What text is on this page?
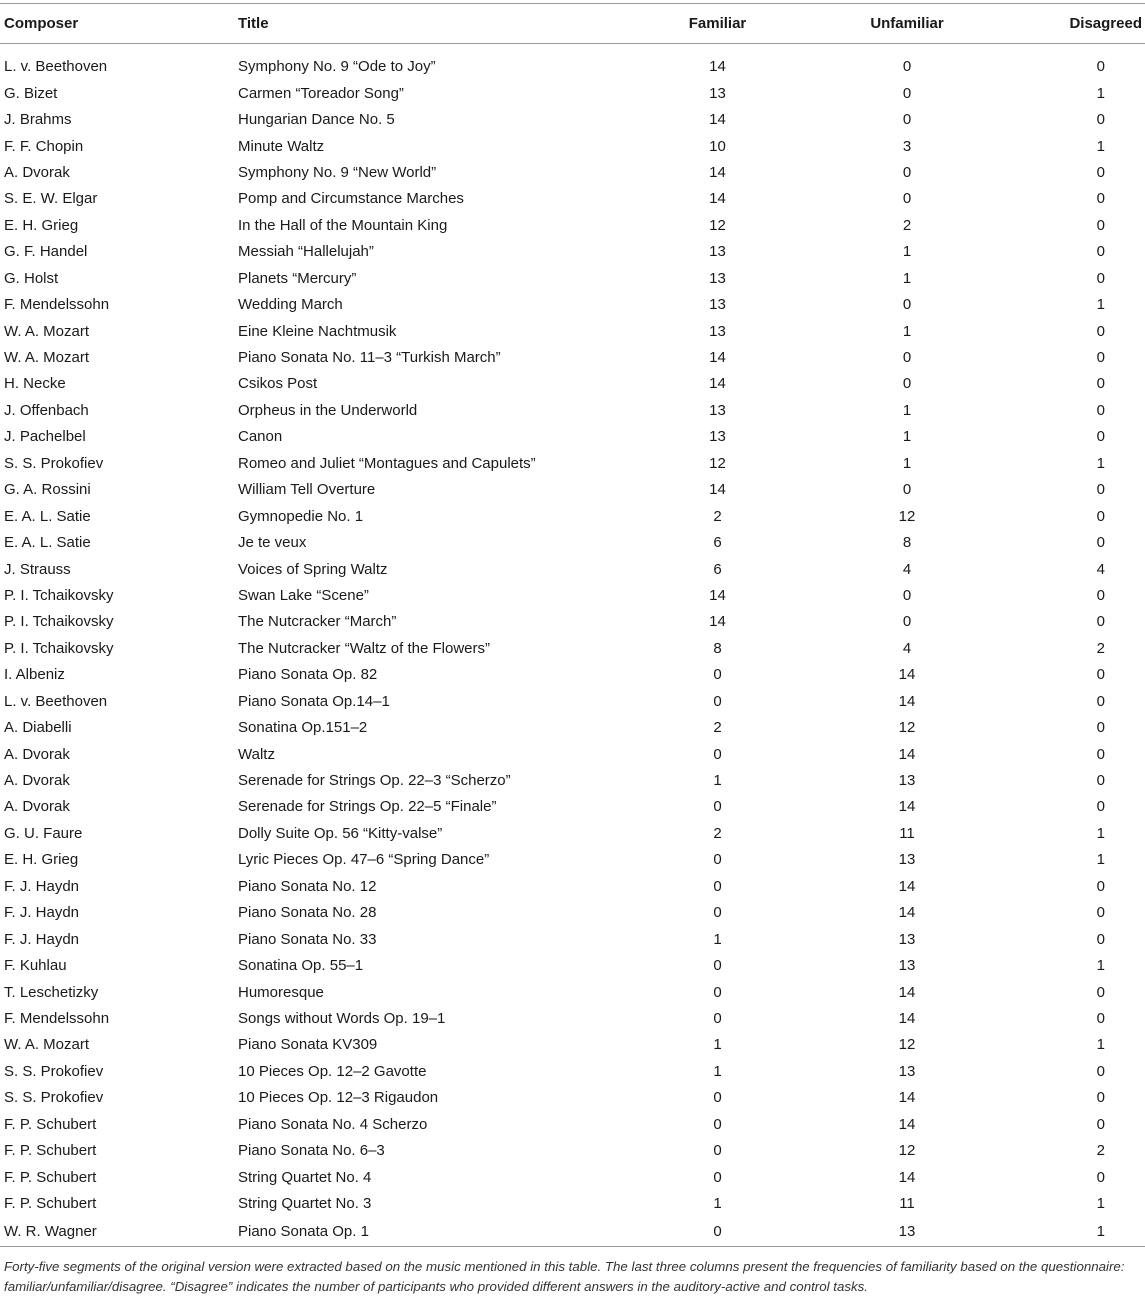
Composer	Title	Familiar	Unfamiliar	Disagreed
L. v. Beethoven	Symphony No. 9 “Ode to Joy”	14	0	0
G. Bizet	Carmen “Toreador Song”	13	0	1
J. Brahms	Hungarian Dance No. 5	14	0	0
F. F. Chopin	Minute Waltz	10	3	1
A. Dvorak	Symphony No. 9 “New World”	14	0	0
S. E. W. Elgar	Pomp and Circumstance Marches	14	0	0
E. H. Grieg	In the Hall of the Mountain King	12	2	0
G. F. Handel	Messiah “Hallelujah”	13	1	0
G. Holst	Planets “Mercury”	13	1	0
F. Mendelssohn	Wedding March	13	0	1
W. A. Mozart	Eine Kleine Nachtmusik	13	1	0
W. A. Mozart	Piano Sonata No. 11–3 “Turkish March”	14	0	0
H. Necke	Csikos Post	14	0	0
J. Offenbach	Orpheus in the Underworld	13	1	0
J. Pachelbel	Canon	13	1	0
S. S. Prokofiev	Romeo and Juliet “Montagues and Capulets”	12	1	1
G. A. Rossini	William Tell Overture	14	0	0
E. A. L. Satie	Gymnopedie No. 1	2	12	0
E. A. L. Satie	Je te veux	6	8	0
J. Strauss	Voices of Spring Waltz	6	4	4
P. I. Tchaikovsky	Swan Lake “Scene”	14	0	0
P. I. Tchaikovsky	The Nutcracker “March”	14	0	0
P. I. Tchaikovsky	The Nutcracker “Waltz of the Flowers”	8	4	2
I. Albeniz	Piano Sonata Op. 82	0	14	0
L. v. Beethoven	Piano Sonata Op.14–1	0	14	0
A. Diabelli	Sonatina Op.151–2	2	12	0
A. Dvorak	Waltz	0	14	0
A. Dvorak	Serenade for Strings Op. 22–3 “Scherzo”	1	13	0
A. Dvorak	Serenade for Strings Op. 22–5 “Finale”	0	14	0
G. U. Faure	Dolly Suite Op. 56 “Kitty-valse”	2	11	1
E. H. Grieg	Lyric Pieces Op. 47–6 “Spring Dance”	0	13	1
F. J. Haydn	Piano Sonata No. 12	0	14	0
F. J. Haydn	Piano Sonata No. 28	0	14	0
F. J. Haydn	Piano Sonata No. 33	1	13	0
F. Kuhlau	Sonatina Op. 55–1	0	13	1
T. Leschetizky	Humoresque	0	14	0
F. Mendelssohn	Songs without Words Op. 19–1	0	14	0
W. A. Mozart	Piano Sonata KV309	1	12	1
S. S. Prokofiev	10 Pieces Op. 12–2 Gavotte	1	13	0
S. S. Prokofiev	10 Pieces Op. 12–3 Rigaudon	0	14	0
F. P. Schubert	Piano Sonata No. 4 Scherzo	0	14	0
F. P. Schubert	Piano Sonata No. 6–3	0	12	2
F. P. Schubert	String Quartet No. 4	0	14	0
F. P. Schubert	String Quartet No. 3	1	11	1
W. R. Wagner	Piano Sonata Op. 1	0	13	1
Forty-five segments of the original version were extracted based on the music mentioned in this table. The last three columns present the frequencies of familiarity based on the questionnaire: familiar/unfamiliar/disagree. “Disagree” indicates the number of participants who provided different answers in the auditory-active and control tasks.
